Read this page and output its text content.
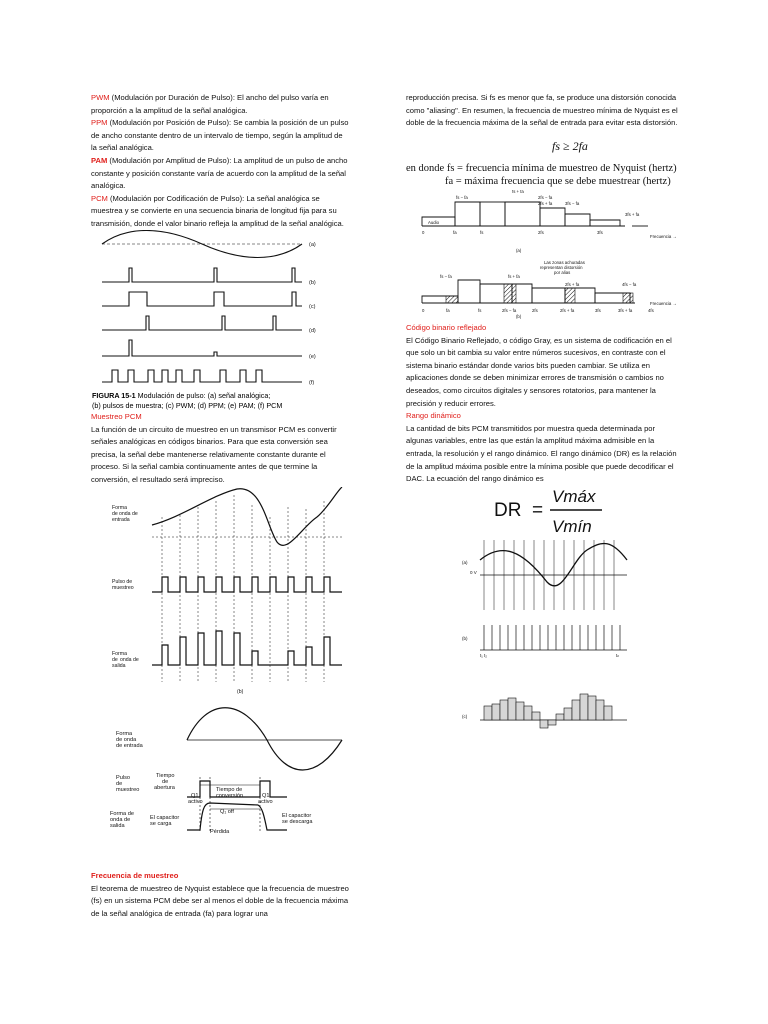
PWM (Modulación por Duración de Pulso): El ancho del pulso varía en proporción a la amplitud de la señal analógica.

PPM (Modulación por Posición de Pulso): Se cambia la posición de un pulso de ancho constante dentro de un intervalo de tiempo, según la amplitud de la señal analógica.

PAM (Modulación por Amplitud de Pulso): La amplitud de un pulso de ancho constante y posición constante varía de acuerdo con la amplitud de la señal analógica.

PCM (Modulación por Codificación de Pulso): La señal analógica se muestrea y se convierte en una secuencia binaria de longitud fija para su transmisión, donde el valor binario refleja la amplitud de la señal analógica.

(a)
(b)
(c)
(d)
(e)
(f)
FIGURA 15-1 Modulación de pulso: (a) señal analógica;
(b) pulsos de muestra; (c) PWM; (d) PPM; (e) PAM; (f) PCM

Muestreo PCM

La función de un circuito de muestreo en un transmisor PCM es convertir señales analógicas en códigos binarios. Para que esta conversión sea precisa, la señal debe mantenerse relativamente constante durante el proceso. Si la señal cambia continuamente antes de que termine la conversión, el resultado será impreciso.

Forma
de onda de
entrada
Pulso de
muestreo
Forma
de onda de
salida
(b)
Forma
de onda
de entrada
Pulso
de
muestreo
Forma de
onda de
salida
Tiempo
de
abertura	Tiempo de
conversión
Q1
activo
Q1
activo
Q₁ off
El capacitor
se carga
Pérdida
El capacitor
se descarga

Frecuencia de muestreo

El teorema de muestreo de Nyquist establece que la frecuencia de muestreo (fs) en un sistema PCM debe ser al menos el doble de la frecuencia máxima de la señal analógica de entrada (fa) para lograr una

reproducción precisa. Si fs es menor que fa, se produce una distorsión conocida como "aliasing". En resumen, la frecuencia de muestreo mínima de Nyquist es el doble de la frecuencia máxima de la señal de entrada para evitar esta distorsión.

fs ≥ 2fa
en donde fs = frecuencia mínima de muestreo de Nyquist (hertz)
fa = máxima frecuencia que se debe muestrear (hertz)
Audio
Frecuencia →
0	fa	fs	2fs	3fs
fs − fa
fs + fa
2fs − fa
2fs + fa	3fs − fa
3fs + fa
(a)
Las zonas achuradas
representan distorsión
por alias
fs − fa	fs + fa
2fs + fa	4fs − fa
0	fa	fs	2fs − fa	2fs	2fs + fa	3fs	3fs + fa	4fs
Frecuencia →
(b)

Código binario reflejado

El Código Binario Reflejado, o código Gray, es un sistema de codificación en el que solo un bit cambia su valor entre números sucesivos, en contraste con el sistema binario estándar donde varios bits pueden cambiar. Se utiliza en aplicaciones donde se deben minimizar errores de transmisión o cambios no deseados, como circuitos digitales y sensores rotatorios, para mantener la precisión y reducir errores.

Rango dinámico

La cantidad de bits PCM transmitidos por muestra queda determinada por algunas variables, entre las que están la amplitud máxima admisible en la entrada, la resolución y el rango dinámico. El rango dinámico (DR) es la relación de la amplitud máxima posible entre la mínima posible que puede decodificar el DAC. La ecuación del rango dinámico es

DR =
Vmáx
Vmín
(a)
0 V
(b)
t₁ t₂	tₙ
(c)
